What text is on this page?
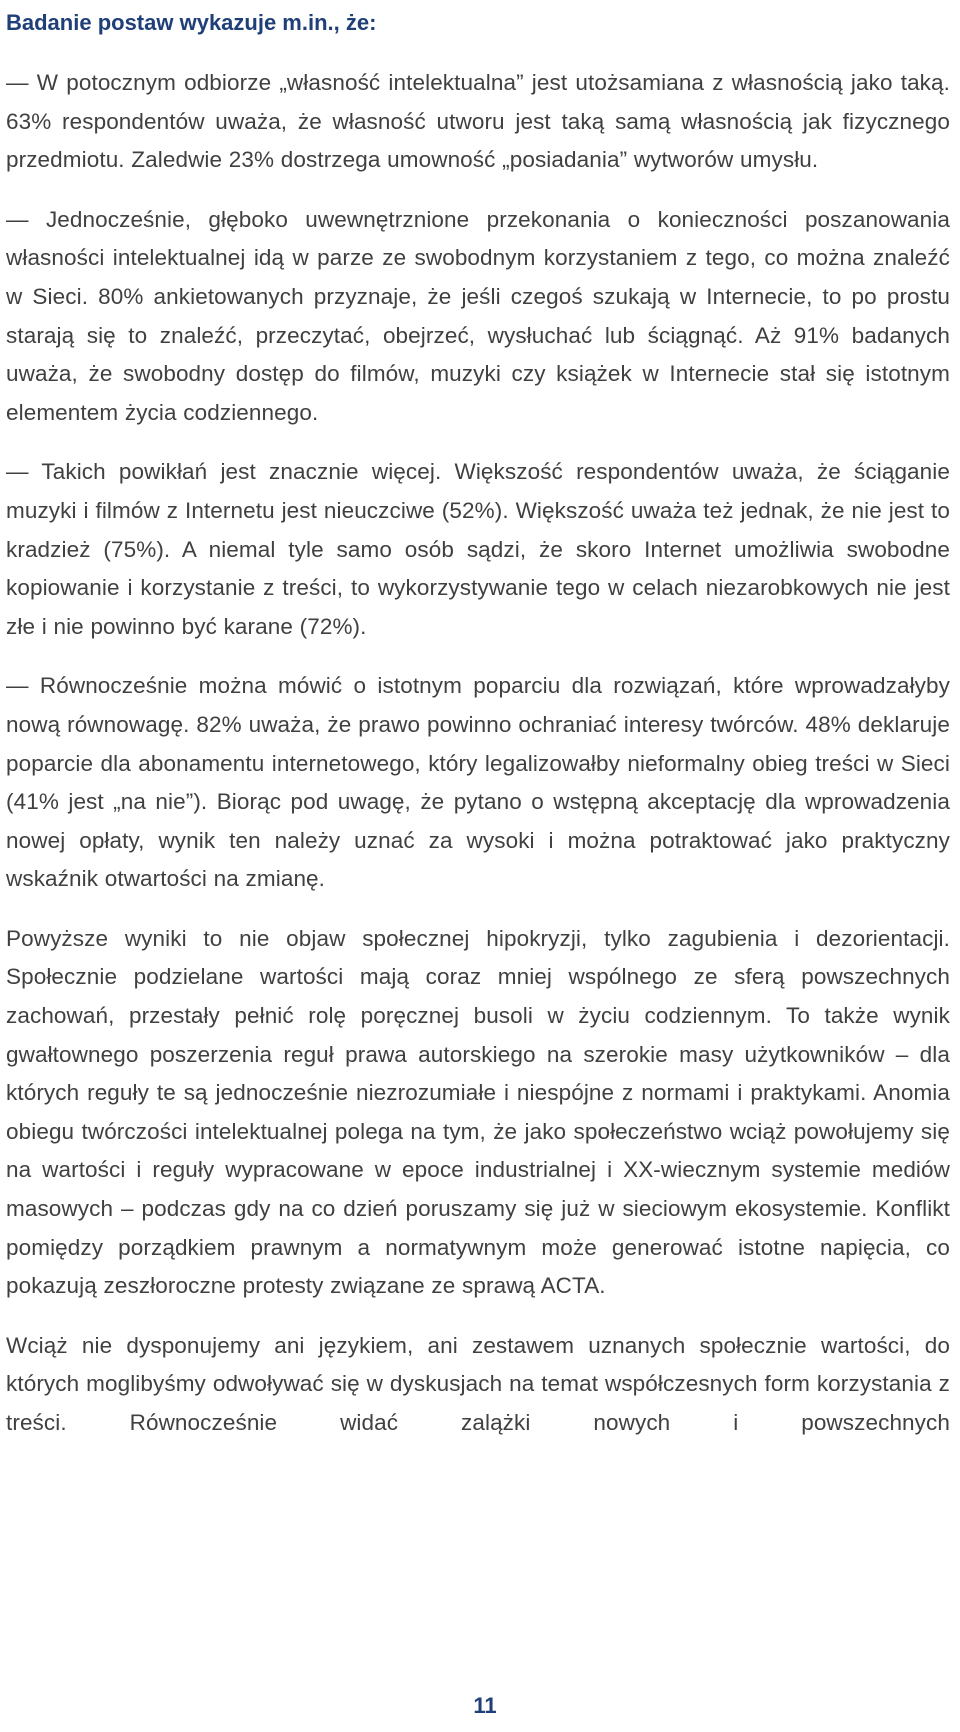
Badanie postaw wykazuje m.in., że:

— W potocznym odbiorze „własność intelektualna” jest utożsamiana z własnością jako taką. 63% respondentów uważa, że własność utworu jest taką samą własnością jak fizycznego przedmiotu. Zaledwie 23% dostrzega umowność „posiadania” wytworów umysłu.

— Jednocześnie, głęboko uwewnętrznione przekonania o konieczności poszanowania własności intelektualnej idą w parze ze swobodnym korzystaniem z tego, co można znaleźć w Sieci. 80% ankietowanych przyznaje, że jeśli czegoś szukają w Internecie, to po prostu starają się to znaleźć, przeczytać, obejrzeć, wysłuchać lub ściągnąć. Aż 91% badanych uważa, że swobodny dostęp do filmów, muzyki czy książek w Internecie stał się istotnym elementem życia codziennego.

— Takich powikłań jest znacznie więcej. Większość respondentów uważa, że ściąganie muzyki i filmów z Internetu jest nieuczciwe (52%). Większość uważa też jednak, że nie jest to kradzież (75%). A niemal tyle samo osób sądzi, że skoro Internet umożliwia swobodne kopiowanie i korzystanie z treści, to wykorzystywanie tego w celach niezarobkowych nie jest złe i nie powinno być karane (72%).

— Równocześnie można mówić o istotnym poparciu dla rozwiązań, które wprowadzałyby nową równowagę. 82% uważa, że prawo powinno ochraniać interesy twórców. 48% deklaruje poparcie dla abonamentu internetowego, który legalizowałby nieformalny obieg treści w Sieci (41% jest „na nie”). Biorąc pod uwagę, że pytano o wstępną akceptację dla wprowadzenia nowej opłaty, wynik ten należy uznać za wysoki i można potraktować jako praktyczny wskaźnik otwartości na zmianę.

Powyższe wyniki to nie objaw społecznej hipokryzji, tylko zagubienia i dezorientacji. Społecznie podzielane wartości mają coraz mniej wspólnego ze sferą powszechnych zachowań, przestały pełnić rolę poręcznej busoli w życiu codziennym. To także wynik gwałtownego poszerzenia reguł prawa autorskiego na szerokie masy użytkowników – dla których reguły te są jednocześnie niezrozumiałe i niespójne z normami i praktykami. Anomia obiegu twórczości intelektualnej polega na tym, że jako społeczeństwo wciąż powołujemy się na wartości i reguły wypracowane w epoce industrialnej i XX-wiecznym systemie mediów masowych – podczas gdy na co dzień poruszamy się już w sieciowym ekosystemie. Konflikt pomiędzy porządkiem prawnym a normatywnym może generować istotne napięcia, co pokazują zeszłoroczne protesty związane ze sprawą ACTA.

Wciąż nie dysponujemy ani językiem, ani zestawem uznanych społecznie wartości, do których moglibyśmy odwoływać się w dyskusjach na temat współczesnych form korzystania z treści. Równocześnie widać zalążki nowych i powszechnych

11
